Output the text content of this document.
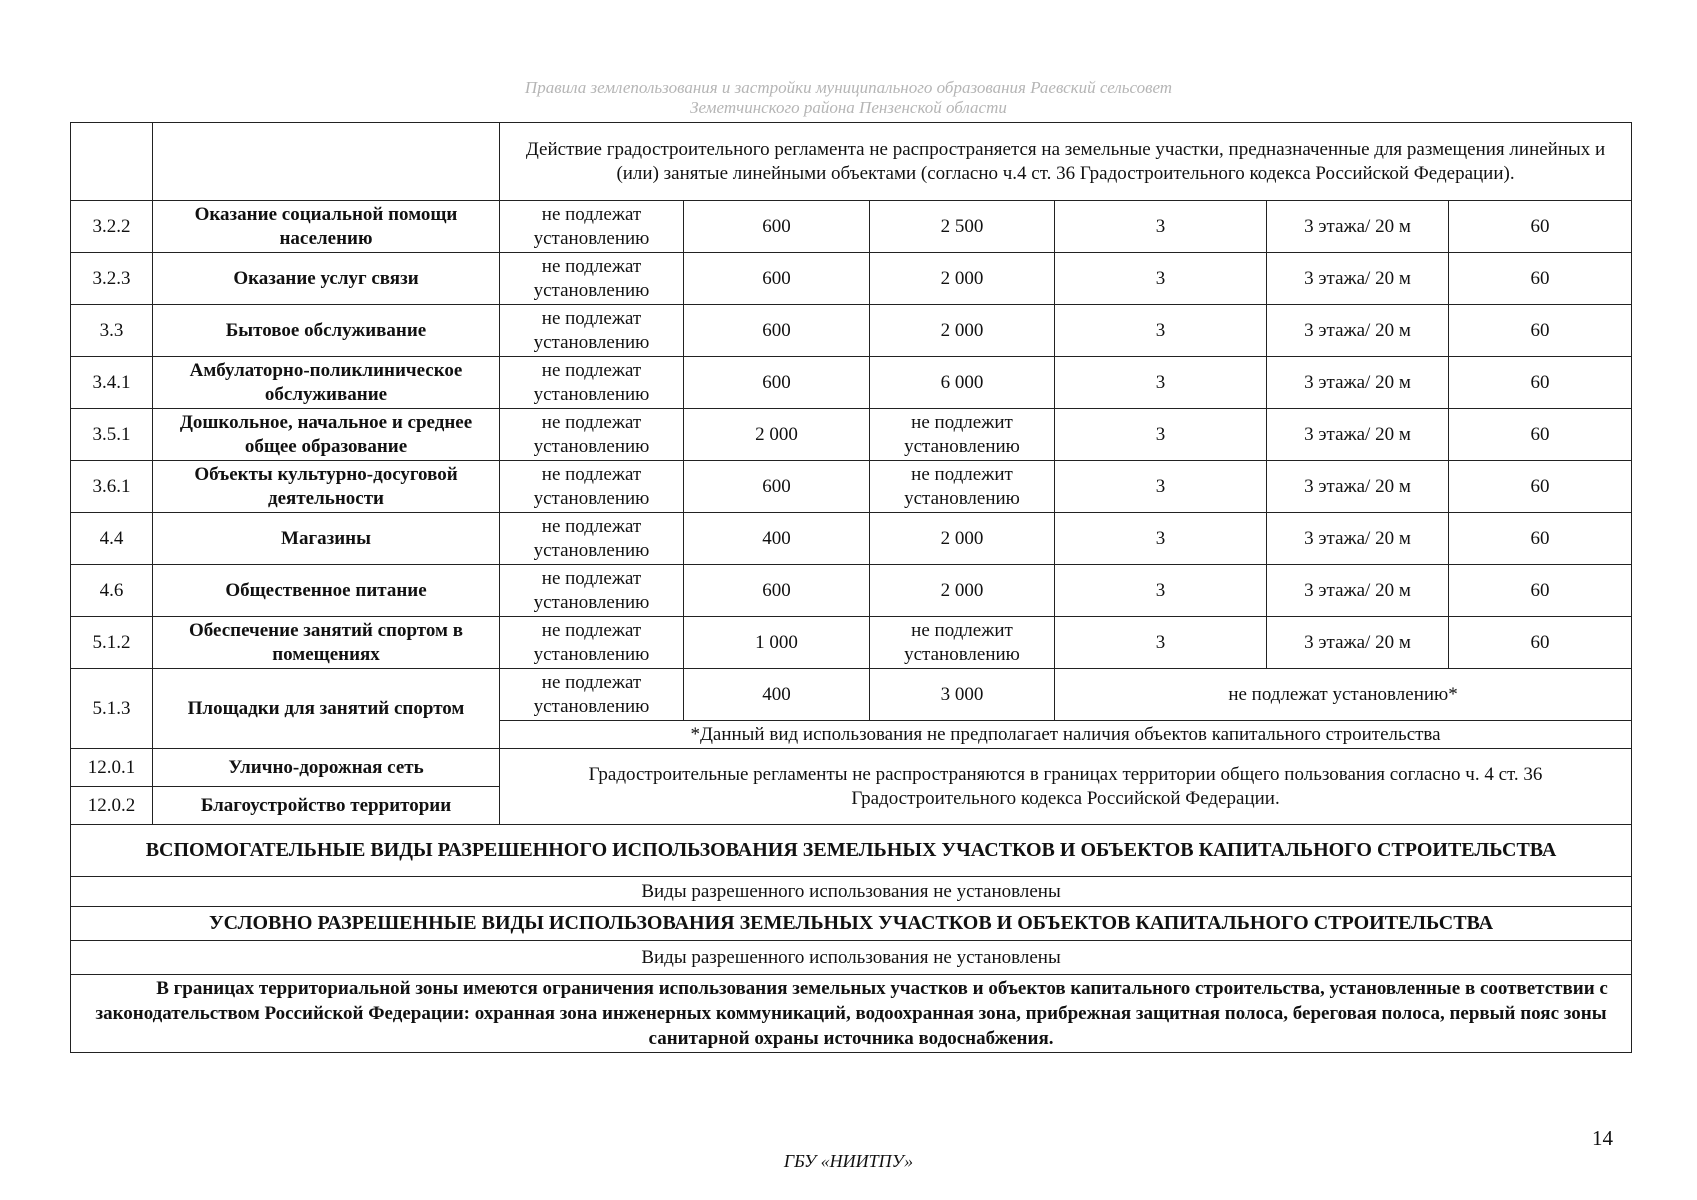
Правила землепользования и застройки муниципального образования Раевский сельсовет
Земетчинского района Пензенской области
		Действие градостроительного регламента не распространяется на земельные участки, предназначенные для размещения линейных и (или) занятые линейными объектами (согласно ч.4 ст. 36 Градостроительного кодекса Российской Федерации).					
3.2.2	Оказание социальной помощи населению	не подлежат установлению	600	2 500	3	3 этажа/ 20 м	60
3.2.3	Оказание услуг связи	не подлежат установлению	600	2 000	3	3 этажа/ 20 м	60
3.3	Бытовое обслуживание	не подлежат установлению	600	2 000	3	3 этажа/ 20 м	60
3.4.1	Амбулаторно-поликлиническое обслуживание	не подлежат установлению	600	6 000	3	3 этажа/ 20 м	60
3.5.1	Дошкольное, начальное и среднее общее образование	не подлежат установлению	2 000	не подлежит установлению	3	3 этажа/ 20 м	60
3.6.1	Объекты культурно-досуговой деятельности	не подлежат установлению	600	не подлежит установлению	3	3 этажа/ 20 м	60
4.4	Магазины	не подлежат установлению	400	2 000	3	3 этажа/ 20 м	60
4.6	Общественное питание	не подлежат установлению	600	2 000	3	3 этажа/ 20 м	60
5.1.2	Обеспечение занятий спортом в помещениях	не подлежат установлению	1 000	не подлежит установлению	3	3 этажа/ 20 м	60
5.1.3	Площадки для занятий спортом	не подлежат установлению	400	3 000	не подлежат установлению*		
		*Данный вид использования не предполагает наличия объектов капитального строительства					
12.0.1	Улично-дорожная сеть	Градостроительные регламенты не распространяются в границах территории общего пользования согласно ч. 4 ст. 36 Градостроительного кодекса Российской Федерации.					
12.0.2	Благоустройство территории						
ВСПОМОГАТЕЛЬНЫЕ ВИДЫ РАЗРЕШЕННОГО ИСПОЛЬЗОВАНИЯ ЗЕМЕЛЬНЫХ УЧАСТКОВ И ОБЪЕКТОВ КАПИТАЛЬНОГО СТРОИТЕЛЬСТВА							
Виды разрешенного использования не установлены							
УСЛОВНО РАЗРЕШЕННЫЕ ВИДЫ ИСПОЛЬЗОВАНИЯ ЗЕМЕЛЬНЫХ УЧАСТКОВ И ОБЪЕКТОВ КАПИТАЛЬНОГО СТРОИТЕЛЬСТВА							
Виды разрешенного использования не установлены							
В границах территориальной зоны имеются ограничения использования земельных участков и объектов капитального строительства, установленные в соответствии с законодательством Российской Федерации: охранная зона инженерных коммуникаций, водоохранная зона, прибрежная защитная полоса, береговая полоса, первый пояс зоны санитарной охраны источника водоснабжения.							
14
ГБУ «НИИТПУ»
